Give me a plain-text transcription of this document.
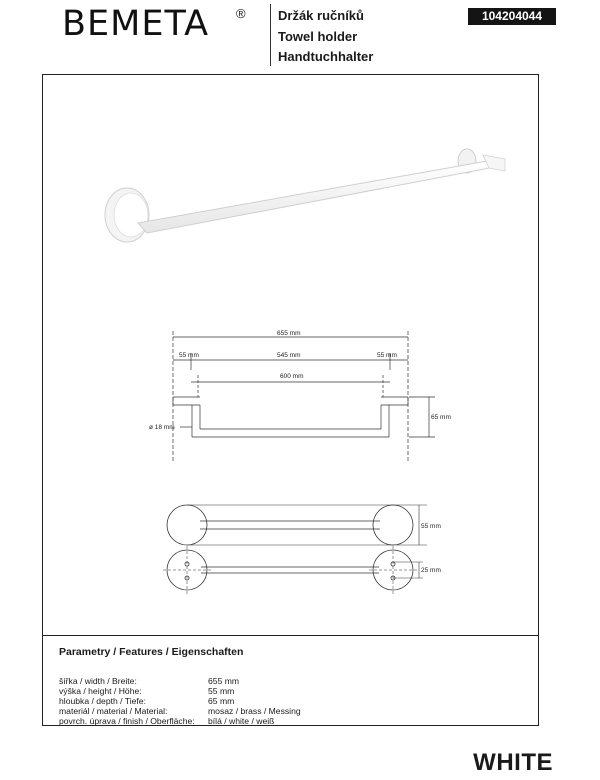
BEMETA ® Držák ručníků
Towel holder
Handtuchhalter
104204044
655 mm
55 mm	545 mm	55 mm
600 mm
65 mm
ø 18 mm
55 mm
25 mm
Parametry / Features / Eigenschaften
šířka / width / Breite:	655 mm
výška / height / Höhe:	55 mm
hloubka / depth / Tiefe:	65 mm
materiál / material / Material:	mosaz / brass / Messing
povrch. úprava / finish / Oberfläche: bílá / white / weiß
WHITE
